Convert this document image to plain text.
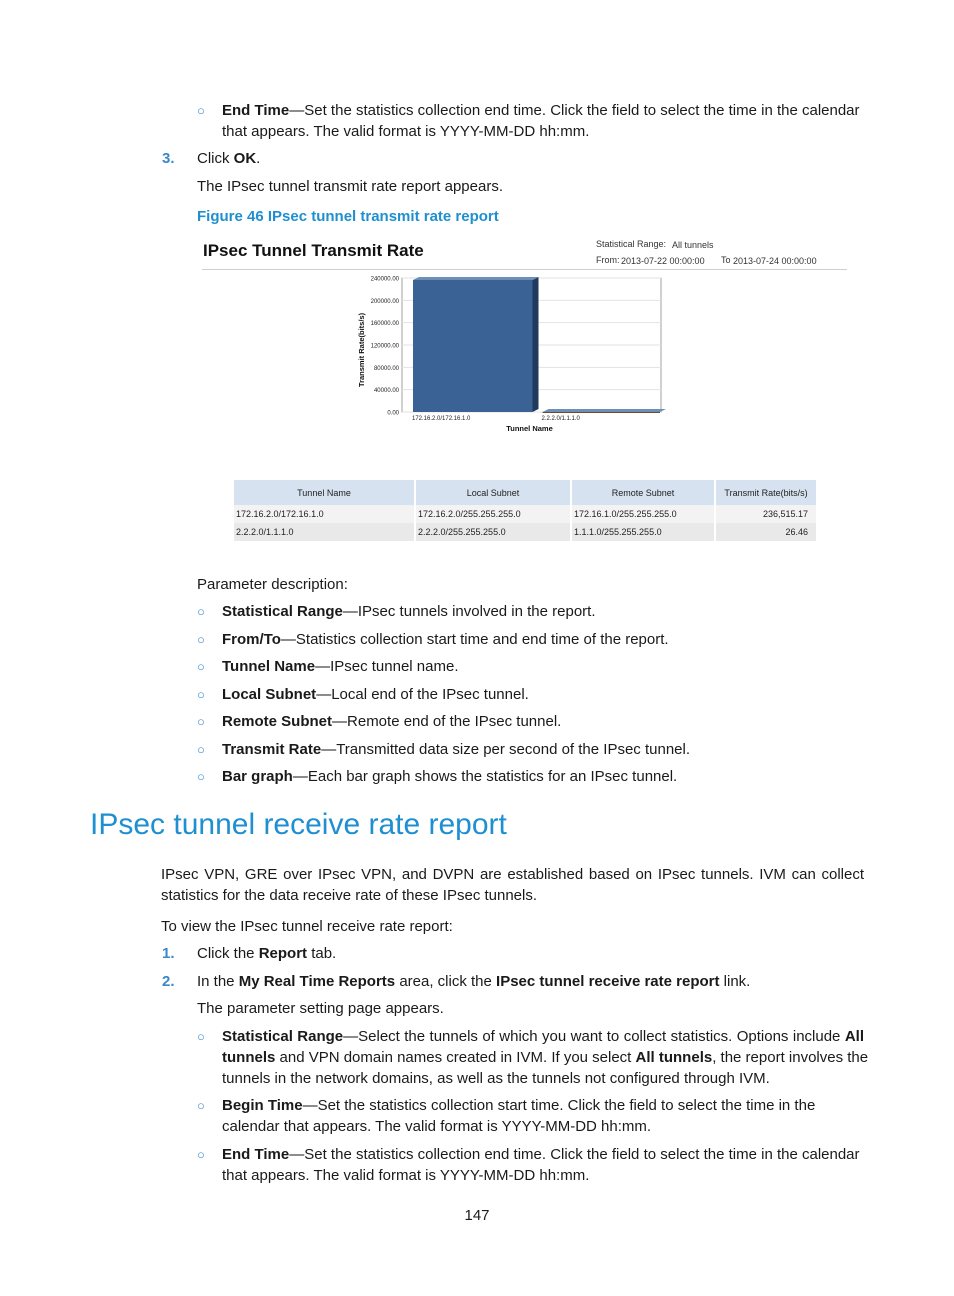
○ End Time—Set the statistics collection end time. Click the field to select the time in the calendar
that appears. The valid format is YYYY-MM-DD hh:mm.
3. Click OK.
The IPsec tunnel transmit rate report appears.
Figure 46 IPsec tunnel transmit rate report
IPsec Tunnel Transmit Rate	Statistical Range: All tunnels
From: 2013-07-22 00:00:00 To 2013-07-24 00:00:00
0.00
40000.00
80000.00
120000.00
160000.00
200000.00
240000.00
172.16.2.0/172.16.1.0	2.2.2.0/1.1.1.0
Tunnel Name
Transmit Rate(bits/s)
Tunnel Name	Local Subnet	Remote Subnet	Transmit Rate(bits/s)
172.16.2.0/172.16.1.0	172.16.2.0/255.255.255.0	172.16.1.0/255.255.255.0	236,515.17
2.2.2.0/1.1.1.0	2.2.2.0/255.255.255.0	1.1.1.0/255.255.255.0	26.46
Parameter description:
○ Statistical Range—IPsec tunnels involved in the report.
○ From/To—Statistics collection start time and end time of the report.
○ Tunnel Name—IPsec tunnel name.
○ Local Subnet—Local end of the IPsec tunnel.
○ Remote Subnet—Remote end of the IPsec tunnel.
○ Transmit Rate—Transmitted data size per second of the IPsec tunnel.
○ Bar graph—Each bar graph shows the statistics for an IPsec tunnel.
IPsec tunnel receive rate report
IPsec VPN, GRE over IPsec VPN, and DVPN are established based on IPsec tunnels. IVM can collect
statistics for the data receive rate of these IPsec tunnels.
To view the IPsec tunnel receive rate report:
1. Click the Report tab.
2. In the My Real Time Reports area, click the IPsec tunnel receive rate report link.
The parameter setting page appears.
○ Statistical Range—Select the tunnels of which you want to collect statistics. Options include All
tunnels and VPN domain names created in IVM. If you select All tunnels, the report involves the
tunnels in the network domains, as well as the tunnels not configured through IVM.
○ Begin Time—Set the statistics collection start time. Click the field to select the time in the
calendar that appears. The valid format is YYYY-MM-DD hh:mm.
○ End Time—Set the statistics collection end time. Click the field to select the time in the calendar
that appears. The valid format is YYYY-MM-DD hh:mm.
147
